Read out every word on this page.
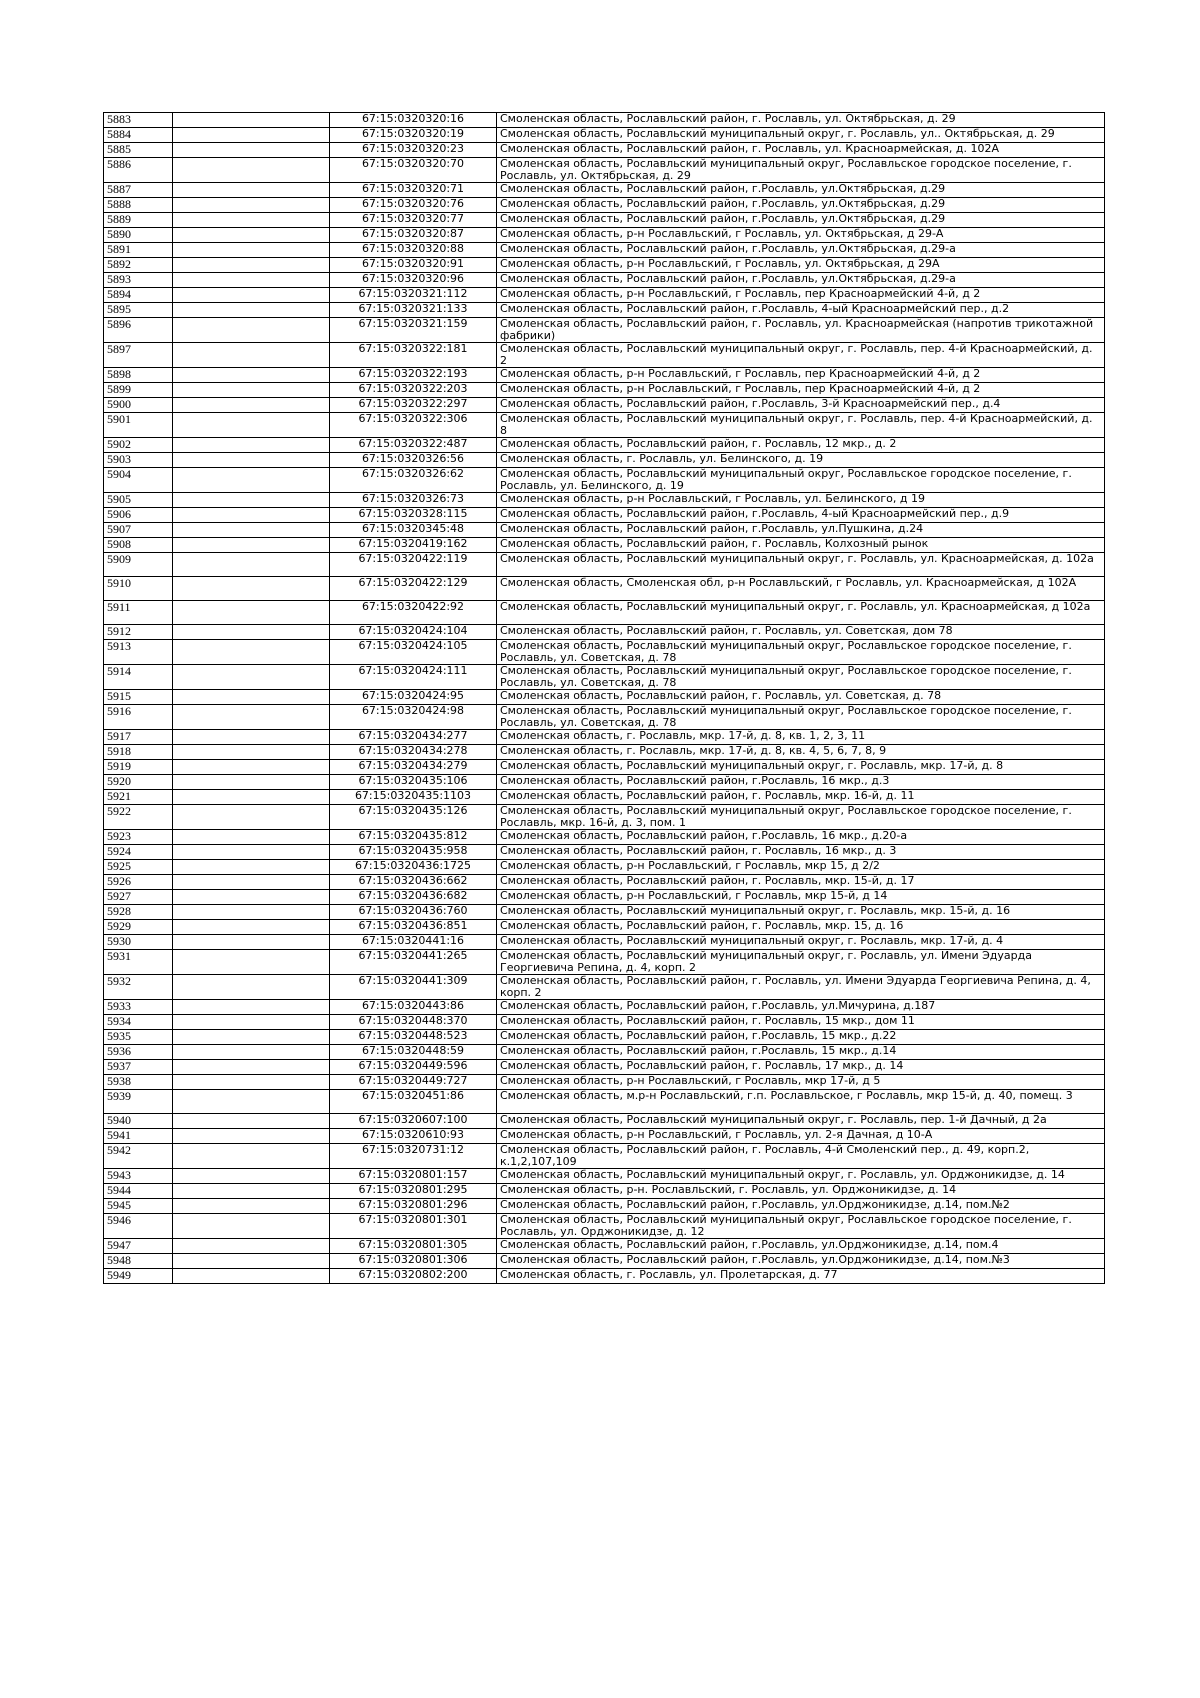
5883		67:15:0320320:16	Смоленская область, Рославльский район, г. Рославль, ул. Октябрьская, д. 29
5884		67:15:0320320:19	Смоленская область, Рославльский муниципальный округ, г. Рославль, ул.. Октябрьская, д. 29
5885		67:15:0320320:23	Смоленская область, Рославльский район, г. Рославль, ул. Красноармейская, д. 102А
5886		67:15:0320320:70	Смоленская область, Рославльский муниципальный округ, Рославльское городское поселение, г. Рославль, ул. Октябрьская, д. 29
5887		67:15:0320320:71	Смоленская область, Рославльский район, г.Рославль, ул.Октябрьская, д.29
5888		67:15:0320320:76	Смоленская область, Рославльский район, г.Рославль, ул.Октябрьская, д.29
5889		67:15:0320320:77	Смоленская область, Рославльский район, г.Рославль, ул.Октябрьская, д.29
5890		67:15:0320320:87	Смоленская область, р-н Рославльский, г Рославль, ул. Октябрьская, д 29-А
5891		67:15:0320320:88	Смоленская область, Рославльский район, г.Рославль, ул.Октябрьская, д.29-а
5892		67:15:0320320:91	Смоленская область, р-н Рославльский, г Рославль, ул. Октябрьская, д 29А
5893		67:15:0320320:96	Смоленская область, Рославльский район, г.Рославль, ул.Октябрьская, д.29-а
5894		67:15:0320321:112	Смоленская область, р-н Рославльский, г Рославль, пер Красноармейский 4-й, д 2
5895		67:15:0320321:133	Смоленская область, Рославльский район, г.Рославль, 4-ый Красноармейский пер., д.2
5896		67:15:0320321:159	Смоленская область, Рославльский район, г. Рославль, ул. Красноармейская (напротив трикотажной фабрики)
5897		67:15:0320322:181	Смоленская область, Рославльский муниципальный округ, г. Рославль, пер. 4-й Красноармейский, д. 2
5898		67:15:0320322:193	Смоленская область, р-н Рославльский, г Рославль, пер Красноармейский 4-й, д 2
5899		67:15:0320322:203	Смоленская область, р-н Рославльский, г Рославль, пер Красноармейский 4-й, д 2
5900		67:15:0320322:297	Смоленская область, Рославльский район, г.Рославль, 3-й Красноармейский пер., д.4
5901		67:15:0320322:306	Смоленская область, Рославльский муниципальный округ, г. Рославль, пер. 4-й Красноармейский, д. 8
5902		67:15:0320322:487	Смоленская область, Рославльский район, г. Рославль, 12 мкр., д. 2
5903		67:15:0320326:56	Смоленская область, г. Рославль, ул. Белинского, д. 19
5904		67:15:0320326:62	Смоленская область, Рославльский муниципальный округ, Рославльское городское поселение, г. Рославль, ул. Белинского, д. 19
5905		67:15:0320326:73	Смоленская область, р-н Рославльский, г Рославль, ул. Белинского, д 19
5906		67:15:0320328:115	Смоленская область, Рославльский район, г.Рославль, 4-ый Красноармейский пер., д.9
5907		67:15:0320345:48	Смоленская область, Рославльский район, г.Рославль, ул.Пушкина, д.24
5908		67:15:0320419:162	Смоленская область, Рославльский район, г. Рославль, Колхозный рынок
5909		67:15:0320422:119	Смоленская область, Рославльский муниципальный округ, г. Рославль, ул. Красноармейская, д. 102а
5910		67:15:0320422:129	Смоленская область, Смоленская обл, р-н Рославльский, г Рославль, ул. Красноармейская, д 102А
5911		67:15:0320422:92	Смоленская область, Рославльский муниципальный округ, г. Рославль, ул. Красноармейская, д 102а
5912		67:15:0320424:104	Смоленская область, Рославльский район, г. Рославль, ул. Советская, дом 78
5913		67:15:0320424:105	Смоленская область, Рославльский муниципальный округ, Рославльское городское поселение, г. Рославль, ул. Советская, д. 78
5914		67:15:0320424:111	Смоленская область, Рославльский муниципальный округ, Рославльское городское поселение, г. Рославль, ул. Советская, д. 78
5915		67:15:0320424:95	Смоленская область, Рославльский район, г. Рославль, ул. Советская, д. 78
5916		67:15:0320424:98	Смоленская область, Рославльский муниципальный округ, Рославльское городское поселение, г. Рославль, ул. Советская, д. 78
5917		67:15:0320434:277	Смоленская область, г. Рославль, мкр. 17-й, д. 8, кв. 1, 2, 3, 11
5918		67:15:0320434:278	Смоленская область, г. Рославль, мкр. 17-й, д. 8, кв. 4, 5, 6, 7, 8, 9
5919		67:15:0320434:279	Смоленская область, Рославльский муниципальный округ, г. Рославль, мкр. 17-й, д. 8
5920		67:15:0320435:106	Смоленская область, Рославльский район, г.Рославль, 16 мкр., д.3
5921		67:15:0320435:1103	Смоленская область, Рославльский район, г. Рославль, мкр. 16-й, д. 11
5922		67:15:0320435:126	Смоленская область, Рославльский муниципальный округ, Рославльское городское поселение, г. Рославль, мкр. 16-й, д. 3, пом. 1
5923		67:15:0320435:812	Смоленская область, Рославльский район, г.Рославль, 16 мкр., д.20-а
5924		67:15:0320435:958	Смоленская область, Рославльский район, г. Рославль, 16 мкр., д. 3
5925		67:15:0320436:1725	Смоленская область, р-н Рославльский, г Рославль, мкр 15, д 2/2
5926		67:15:0320436:662	Смоленская область, Рославльский район, г. Рославль, мкр. 15-й, д. 17
5927		67:15:0320436:682	Смоленская область, р-н Рославльский, г Рославль, мкр 15-й, д 14
5928		67:15:0320436:760	Смоленская область, Рославльский муниципальный округ, г. Рославль, мкр. 15-й, д. 16
5929		67:15:0320436:851	Смоленская область, Рославльский район, г. Рославль, мкр. 15, д. 16
5930		67:15:0320441:16	Смоленская область, Рославльский муниципальный округ, г. Рославль, мкр. 17-й, д. 4
5931		67:15:0320441:265	Смоленская область, Рославльский муниципальный округ, г. Рославль, ул. Имени Эдуарда Георгиевича Репина, д. 4, корп. 2
5932		67:15:0320441:309	Смоленская область, Рославльский район, г. Рославль, ул. Имени Эдуарда Георгиевича Репина, д. 4, корп. 2
5933		67:15:0320443:86	Смоленская область, Рославльский район, г.Рославль, ул.Мичурина, д.187
5934		67:15:0320448:370	Смоленская область, Рославльский район, г. Рославль, 15 мкр., дом 11
5935		67:15:0320448:523	Смоленская область, Рославльский район, г.Рославль, 15 мкр., д.22
5936		67:15:0320448:59	Смоленская область, Рославльский район, г.Рославль, 15 мкр., д.14
5937		67:15:0320449:596	Смоленская область, Рославльский район, г. Рославль, 17 мкр., д. 14
5938		67:15:0320449:727	Смоленская область, р-н Рославльский, г Рославль, мкр 17-й, д 5
5939		67:15:0320451:86	Смоленская область, м.р-н Рославльский, г.п. Рославльское, г Рославль, мкр 15-й, д. 40, помещ. 3
5940		67:15:0320607:100	Смоленская область, Рославльский муниципальный округ, г. Рославль, пер. 1-й Дачный, д 2а
5941		67:15:0320610:93	Смоленская область, р-н Рославльский, г Рославль, ул. 2-я Дачная, д 10-А
5942		67:15:0320731:12	Смоленская область, Рославльский район, г. Рославль, 4-й Смоленский пер., д. 49, корп.2, к.1,2,107,109
5943		67:15:0320801:157	Смоленская область, Рославльский муниципальный округ, г. Рославль, ул. Орджоникидзе, д. 14
5944		67:15:0320801:295	Смоленская область, р-н. Рославльский, г. Рославль, ул. Орджоникидзе, д. 14
5945		67:15:0320801:296	Смоленская область, Рославльский район, г.Рославль, ул.Орджоникидзе, д.14, пом.№2
5946		67:15:0320801:301	Смоленская область, Рославльский муниципальный округ, Рославльское городское поселение, г. Рославль, ул. Орджоникидзе, д. 12
5947		67:15:0320801:305	Смоленская область, Рославльский район, г.Рославль, ул.Орджоникидзе, д.14, пом.4
5948		67:15:0320801:306	Смоленская область, Рославльский район, г.Рославль, ул.Орджоникидзе, д.14, пом.№3
5949		67:15:0320802:200	Смоленская область, г. Рославль, ул. Пролетарская, д. 77
